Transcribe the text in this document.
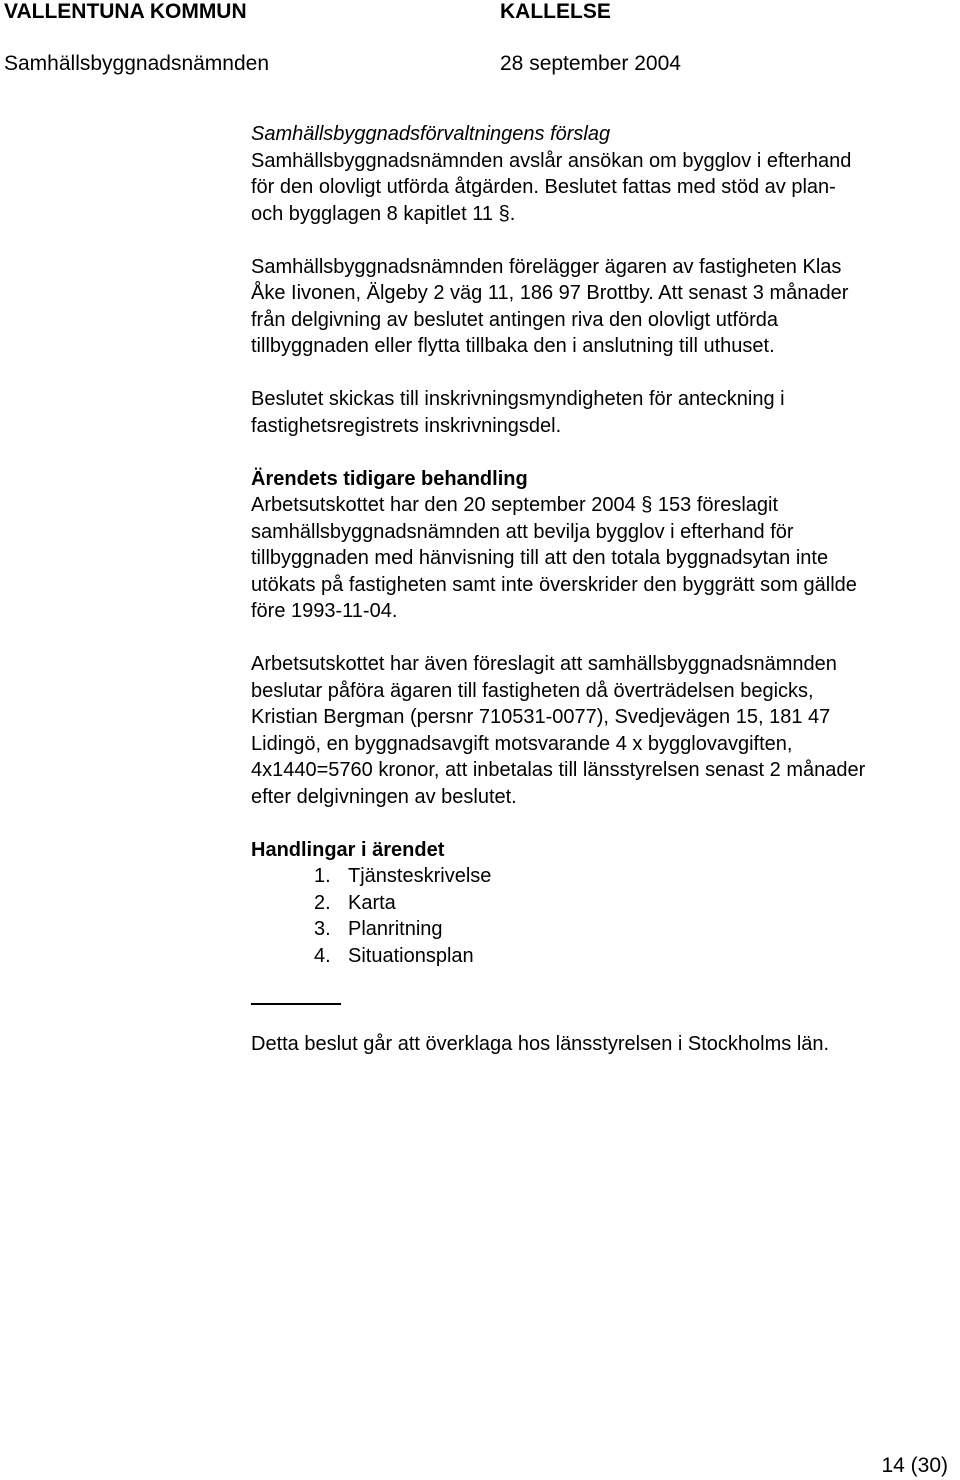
VALLENTUNA KOMMUN	KALLELSE
Samhällsbyggnadsnämnden	28 september 2004
Samhällsbyggnadsförvaltningens förslag

Samhällsbyggnadsnämnden avslår ansökan om bygglov i efterhand
för den olovligt utförda åtgärden. Beslutet fattas med stöd av plan-
och bygglagen 8 kapitlet 11 §.

Samhällsbyggnadsnämnden förelägger ägaren av fastigheten Klas
Åke Iivonen, Älgeby 2 väg 11, 186 97 Brottby. Att senast 3 månader
från delgivning av beslutet antingen riva den olovligt utförda
tillbyggnaden eller flytta tillbaka den i anslutning till uthuset.

Beslutet skickas till inskrivningsmyndigheten för anteckning i
fastighetsregistrets inskrivningsdel.

Ärendets tidigare behandling

Arbetsutskottet har den 20 september 2004 § 153 föreslagit
samhällsbyggnadsnämnden att bevilja bygglov i efterhand för
tillbyggnaden med hänvisning till att den totala byggnadsytan inte
utökats på fastigheten samt inte överskrider den byggrätt som gällde
före 1993-11-04.

Arbetsutskottet har även föreslagit att samhällsbyggnadsnämnden
beslutar påföra ägaren till fastigheten då överträdelsen begicks,
Kristian Bergman (persnr 710531-0077), Svedjevägen 15, 181 47
Lidingö, en byggnadsavgift motsvarande 4 x bygglovavgiften,
4x1440=5760 kronor, att inbetalas till länsstyrelsen senast 2 månader
efter delgivningen av beslutet.

Handlingar i ärendet
1. Tjänsteskrivelse
2. Karta
3. Planritning
4. Situationsplan

Detta beslut går att överklaga hos länsstyrelsen i Stockholms län.

14 (30)
